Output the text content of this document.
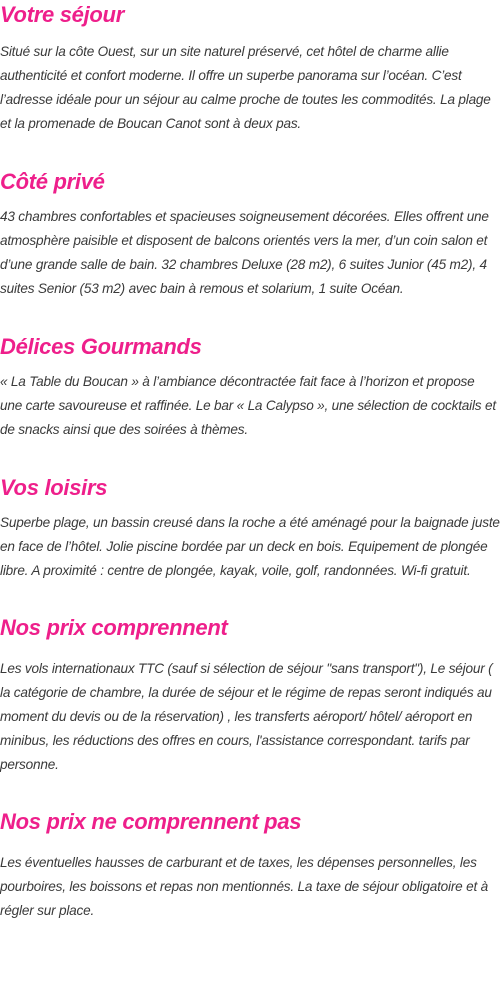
Votre séjour

Situé sur la côte Ouest, sur un site naturel préservé, cet hôtel de charme allie authenticité et confort moderne. Il offre un superbe panorama sur l’océan. C’est l’adresse idéale pour un séjour au calme proche de toutes les commodités. La plage et la promenade de Boucan Canot sont à deux pas.

Côté privé

43 chambres confortables et spacieuses soigneusement décorées. Elles offrent une atmosphère paisible et disposent de balcons orientés vers la mer, d’un coin salon et d’une grande salle de bain. 32 chambres Deluxe (28 m2), 6 suites Junior (45 m2), 4 suites Senior (53 m2) avec bain à remous et solarium, 1 suite Océan.

Délices Gourmands

« La Table du Boucan » à l’ambiance décontractée fait face à l’horizon et propose une carte savoureuse et raffinée. Le bar « La Calypso », une sélection de cocktails et de snacks ainsi que des soirées à thèmes.

Vos loisirs

Superbe plage, un bassin creusé dans la roche a été aménagé pour la baignade juste en face de l’hôtel. Jolie piscine bordée par un deck en bois. Equipement de plongée libre. A proximité : centre de plongée, kayak, voile, golf, randonnées. Wi-fi gratuit.

Nos prix comprennent

Les vols internationaux TTC (sauf si sélection de séjour "sans transport"), Le séjour ( la catégorie de chambre, la durée de séjour et le régime de repas seront indiqués au moment du devis ou de la réservation) , les transferts aéroport/ hôtel/ aéroport en minibus, les réductions des offres en cours, l'assistance correspondant. tarifs par personne.

Nos prix ne comprennent pas

Les éventuelles hausses de carburant et de taxes, les dépenses personnelles, les pourboires, les boissons et repas non mentionnés. La taxe de séjour obligatoire et à régler sur place.
